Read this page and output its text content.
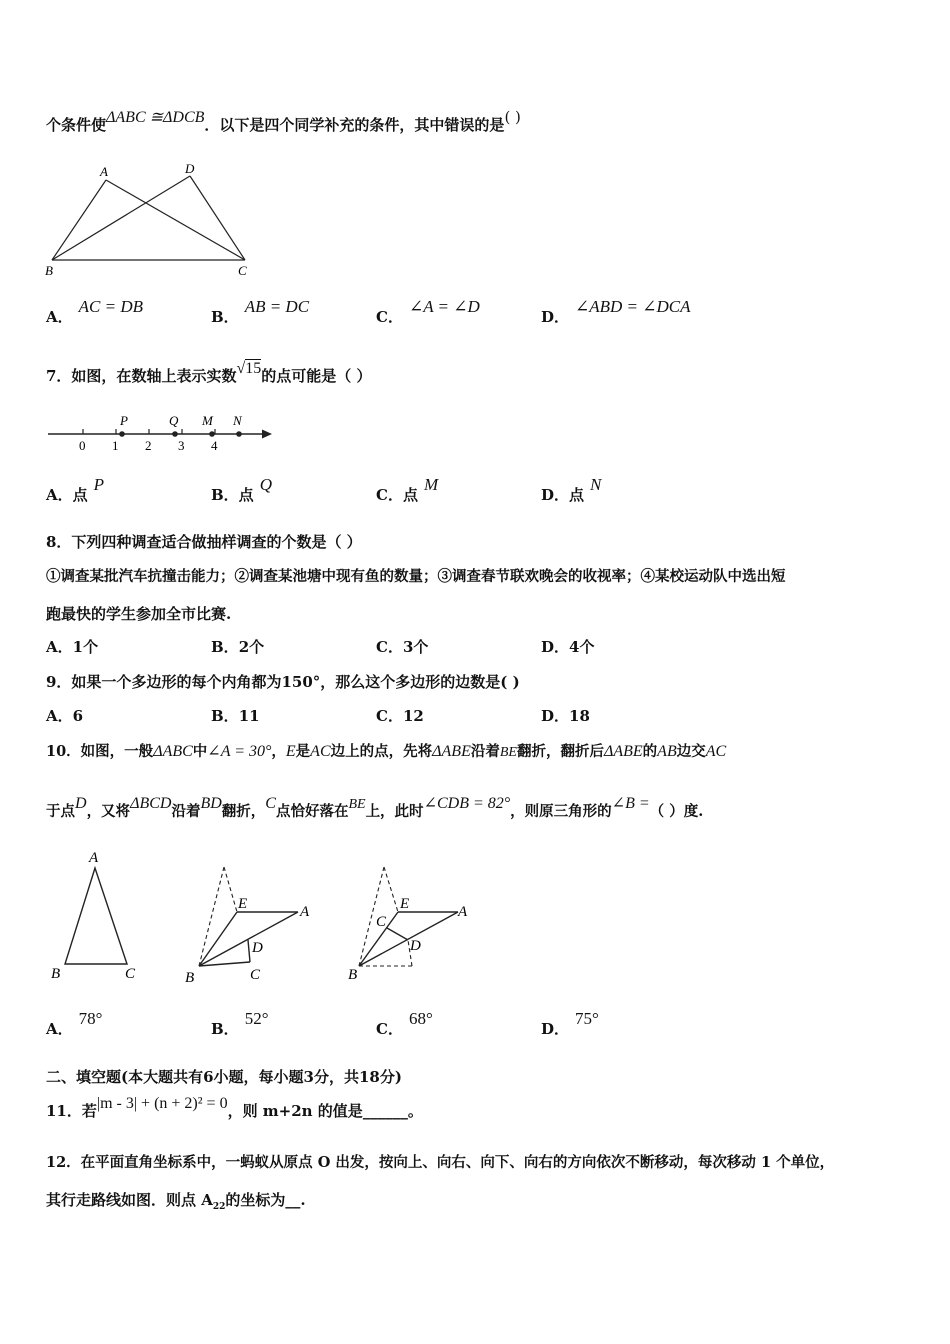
个条件使ΔABC ≅ΔDCB．以下是四个同学补充的条件，其中错误的是( )
A	D
B	C
A．AC = DB
B．AB = DC
C．∠A = ∠D
D．∠ABD = ∠DCA
7．如图，在数轴上表示实数√15的点可能是（ ）
0 1 2 3 4
P	Q M N
A．点P
B．点Q
C．点M
D．点N
8．下列四种调查适合做抽样调查的个数是（ ）
①调查某批汽车抗撞击能力；②调查某池塘中现有鱼的数量；③调查春节联欢晚会的收视率；④某校运动队中选出短
跑最快的学生参加全市比赛.
A．1个	B．2个	C．3个	D．4个
9．如果一个多边形的每个内角都为150°，那么这个多边形的边数是( )
A．6	B．11	C．12	D．18
10．如图，一般ΔABC中∠A = 30°，E是AC边上的点，先将ΔABE沿着BE翻折，翻折后ΔABE的AB边交AC
于点D，又将ΔBCD沿着BD翻折，C点恰好落在BE上，此时∠CDB = 82°，则原三角形的∠B =（ ）度.
A
B	C
E	A
D
B	C
C
E	A
D
B
A．78°
B．52°
C．68°
D．75°
二、填空题(本大题共有6小题，每小题3分，共18分)
11．若|m - 3| + (n + 2)² = 0，则 m+2n 的值是______。
12．在平面直角坐标系中，一蚂蚁从原点 O 出发，按向上、向右、向下、向右的方向依次不断移动，每次移动 1 个单位，
其行走路线如图．则点 $A_{22}$的坐标为__.
